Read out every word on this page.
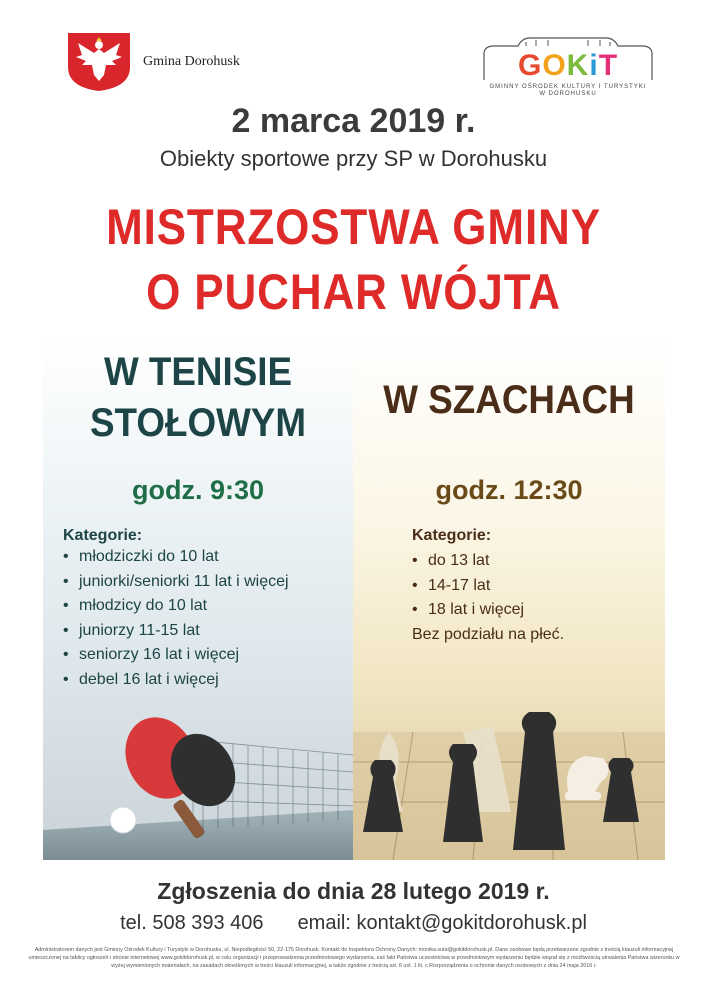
Gmina Dorohusk	GOKiT
GMINNY OŚRODEK KULTURY I TURYSTYKI
W DOROHUSKU
2 marca 2019 r.
Obiekty sportowe przy SP w Dorohusku
MISTRZOSTWA GMINY
O PUCHAR WÓJTA
W TENISIE
STOŁOWYM
W SZACHACH
godz. 9:30	godz. 12:30
Kategorie:
• młodziczki do 10 lat
• juniorki/seniorki 11 lat i więcej
• młodzicy do 10 lat
• juniorzy 11-15 lat
• seniorzy 16 lat i więcej
• debel 16 lat i więcej
Kategorie:
• do 13 lat
• 14-17 lat
• 18 lat i więcej
Bez podziału na płeć.
Zgłoszenia do dnia 28 lutego 2019 r.
tel. 508 393 406 email: kontakt@gokitdorohusk.pl
Administratorem danych jest Gminny Ośrodek Kultury i Turystyki w Dorohusku, ul. Niepodległości 50, 22-175 Dorohusk. Kontakt do Inspektora Ochrony Danych: monika.suta@gokitdorohusk.pl. Dane osobowe będą przetwarzane zgodnie z treścią klauzuli informacyjnej umieszczonej na tablicy ogłoszeń i stronie internetowej www.gokitdorohusk.pl, w celu organizacji i przeprowadzenia przedmiotowego wydarzenia, zaś fakt Państwa uczestnictwa w przedmiotowym wydarzeniu będzie wiązał się z możliwością utrwalenia Państwa wizerunku w wyżej wymienionych materiałach, na zasadach określonych w treści klauzuli informacyjnej, a także zgodnie z treścią art. 6 ust. 1 lit. c Rozporządzenia o ochronie danych osobowych z dnia 24 maja 2016 r.
